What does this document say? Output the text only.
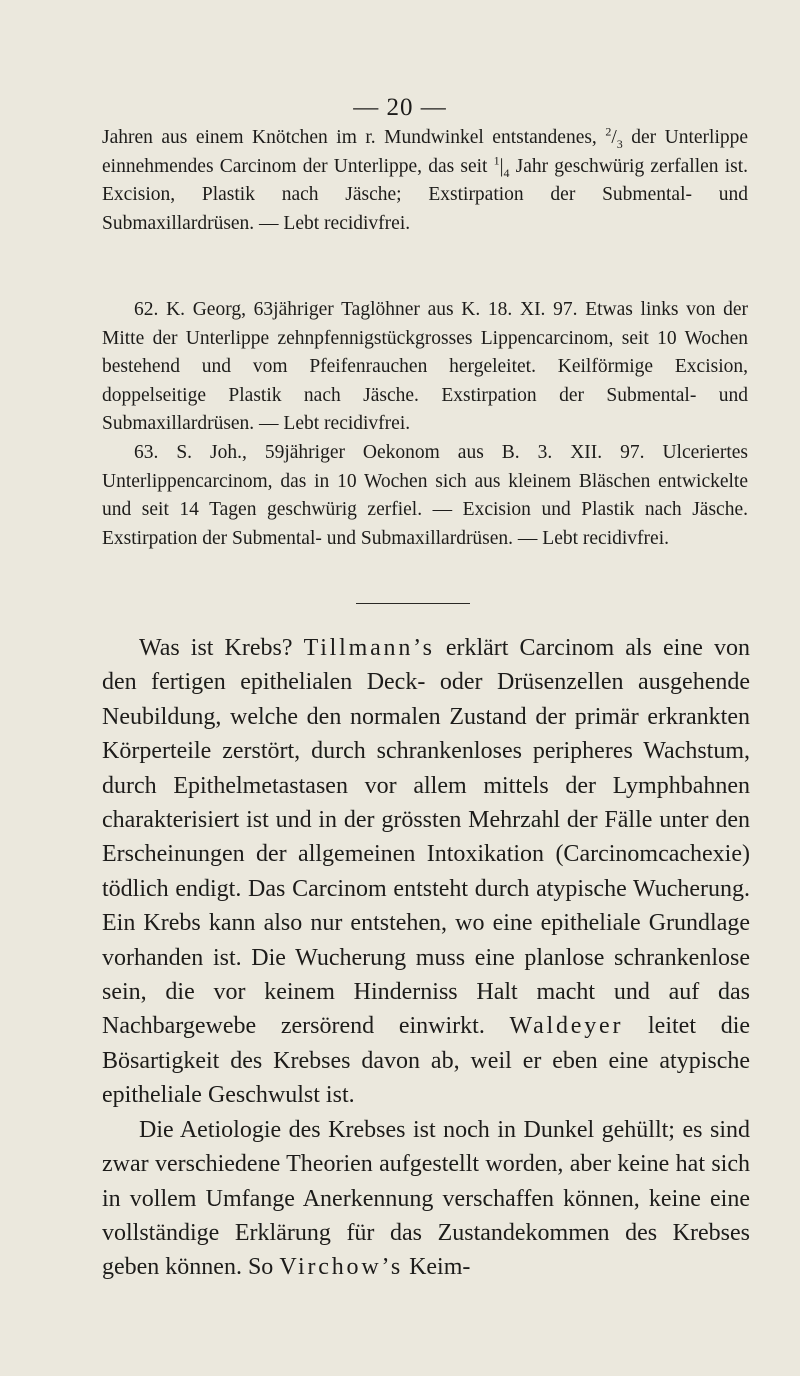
— 20 —

Jahren aus einem Knötchen im r. Mundwinkel entstandenes, $^2/_3$ der Unterlippe einnehmendes Carcinom der Unterlippe, das seit $^1|_4$ Jahr geschwürig zerfallen ist. Excision, Plastik nach Jäsche; Exstirpation der Submental- und Submaxillardrüsen. — Lebt recidivfrei.

62. K. Georg, 63jähriger Taglöhner aus K. 18. XI. 97. Etwas links von der Mitte der Unterlippe zehnpfennigstückgrosses Lippencarcinom, seit 10 Wochen bestehend und vom Pfeifenrauchen hergeleitet. Keilförmige Excision, doppelseitige Plastik nach Jäsche. Exstirpation der Submental- und Submaxillardrüsen. — Lebt recidivfrei.

63. S. Joh., 59jähriger Oekonom aus B. 3. XII. 97. Ulceriertes Unterlippencarcinom, das in 10 Wochen sich aus kleinem Bläschen entwickelte und seit 14 Tagen geschwürig zerfiel. — Excision und Plastik nach Jäsche. Exstirpation der Submental- und Submaxillardrüsen. — Lebt recidivfrei.

Was ist Krebs? Tillmann’s erklärt Carcinom als eine von den fertigen epithelialen Deck- oder Drüsenzellen ausgehende Neubildung, welche den normalen Zustand der primär erkrankten Körperteile zerstört, durch schrankenloses peripheres Wachstum, durch Epithelmetastasen vor allem mittels der Lymphbahnen charakterisiert ist und in der grössten Mehrzahl der Fälle unter den Erscheinungen der allgemeinen Intoxikation (Carcinomcachexie) tödlich endigt. Das Carcinom entsteht durch atypische Wucherung. Ein Krebs kann also nur entstehen, wo eine epitheliale Grundlage vorhanden ist. Die Wucherung muss eine planlose schrankenlose sein, die vor keinem Hinderniss Halt macht und auf das Nachbargewebe zersörend einwirkt. Waldeyer leitet die Bösartigkeit des Krebses davon ab, weil er eben eine atypische epitheliale Geschwulst ist.

Die Aetiologie des Krebses ist noch in Dunkel gehüllt; es sind zwar verschiedene Theorien aufgestellt worden, aber keine hat sich in vollem Umfange Anerkennung verschaffen können, keine eine vollständige Erklärung für das Zustandekommen des Krebses geben können. So Virchow’s Keim-
